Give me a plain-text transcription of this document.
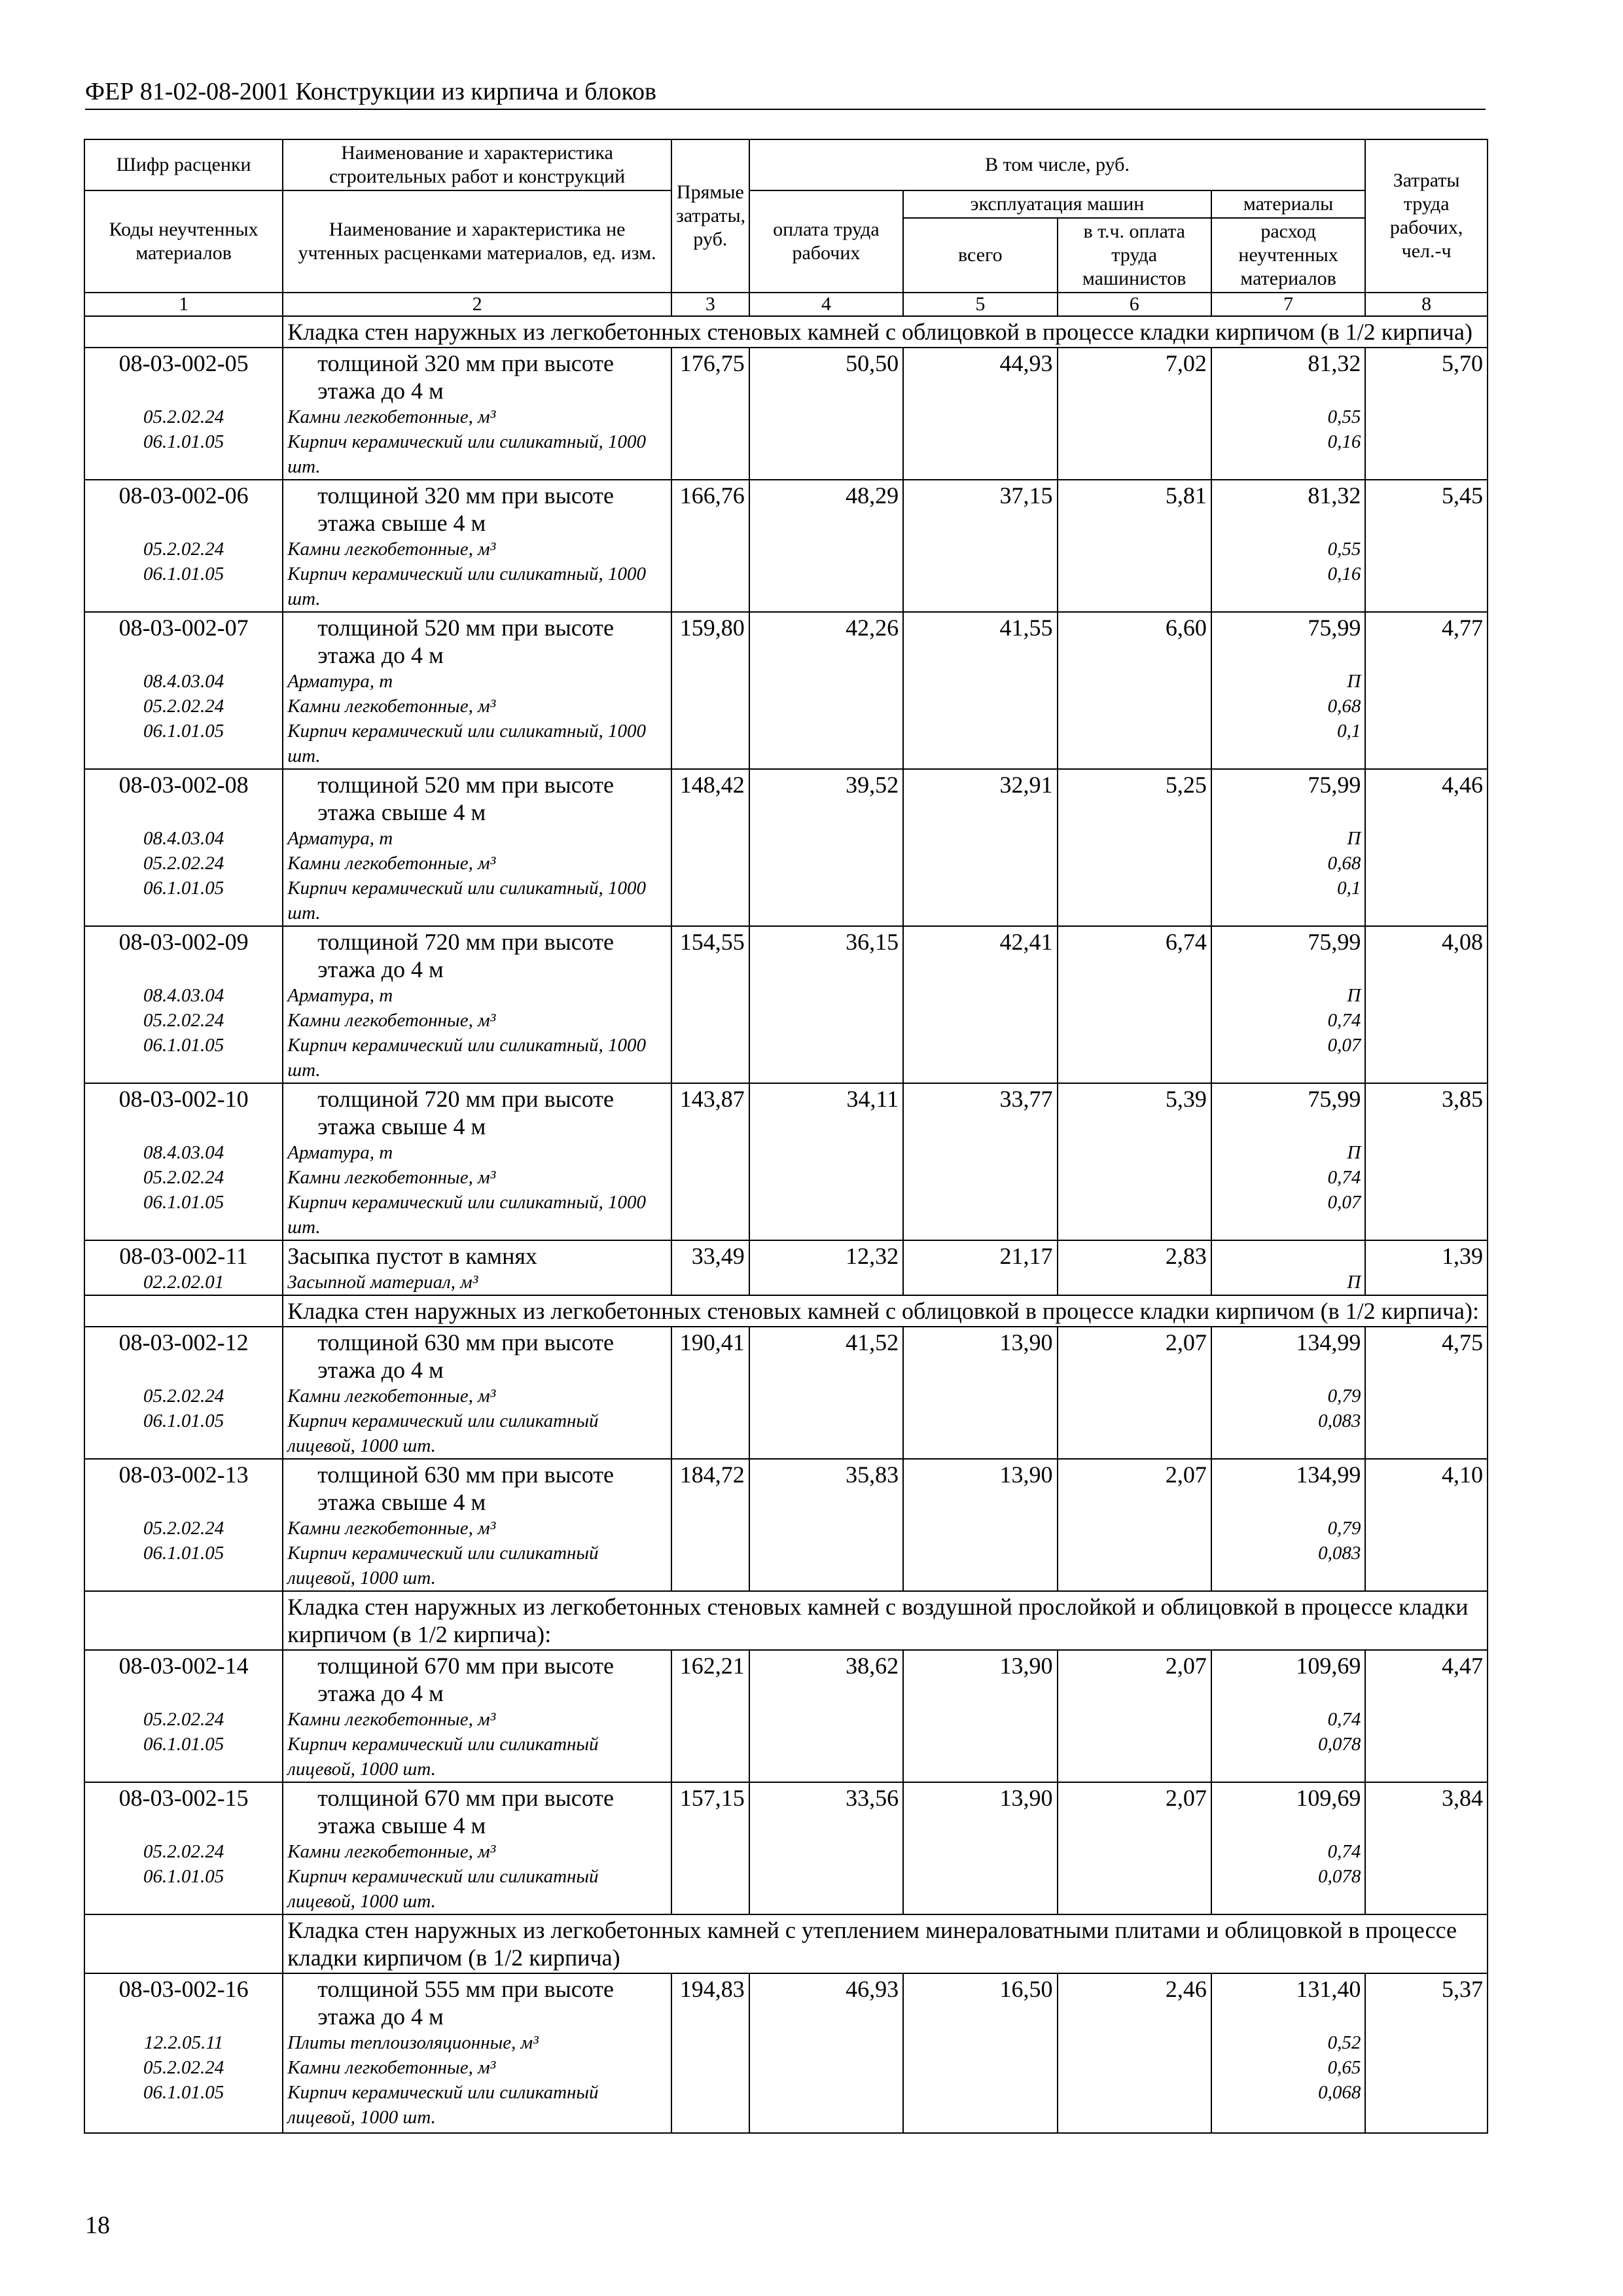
ФЕР 81-02-08-2001 Конструкции из кирпича и блоков
Шифр расценки	Наименование и характеристика строительных работ и конструкций	Прямые затраты, руб.	В том числе, руб.				Затраты труда рабочих, чел.-ч

Коды неучтенных материалов	Наименование и характеристика не учтенных расценками материалов, ед. изм.		оплата труда рабочих	эксплуатация машин		материалы	
				всего	в т.ч. оплата труда машинистов	расход неучтенных материалов	
1	2	3	4	5	6	7	8
	Кладка стен наружных из легкобетонных стеновых камней с облицовкой в процессе кладки кирпичом (в 1/2 кирпича)						
08-03-002-05	толщиной 320 мм при высоте этажа до 4 м	176,75	50,50	44,93	7,02	81,32	5,70
05.2.02.24	Камни легкобетонные, м³					0,55	
06.1.01.05	Кирпич керамический или силикатный, 1000 шт.					0,16	
08-03-002-06	толщиной 320 мм при высоте этажа свыше 4 м	166,76	48,29	37,15	5,81	81,32	5,45
05.2.02.24	Камни легкобетонные, м³					0,55	
06.1.01.05	Кирпич керамический или силикатный, 1000 шт.					0,16	
08-03-002-07	толщиной 520 мм при высоте этажа до 4 м	159,80	42,26	41,55	6,60	75,99	4,77
08.4.03.04	Арматура, т					П	
05.2.02.24	Камни легкобетонные, м³					0,68	
06.1.01.05	Кирпич керамический или силикатный, 1000 шт.					0,1	
08-03-002-08	толщиной 520 мм при высоте этажа свыше 4 м	148,42	39,52	32,91	5,25	75,99	4,46
08.4.03.04	Арматура, т					П	
05.2.02.24	Камни легкобетонные, м³					0,68	
06.1.01.05	Кирпич керамический или силикатный, 1000 шт.					0,1	
08-03-002-09	толщиной 720 мм при высоте этажа до 4 м	154,55	36,15	42,41	6,74	75,99	4,08
08.4.03.04	Арматура, т					П	
05.2.02.24	Камни легкобетонные, м³					0,74	
06.1.01.05	Кирпич керамический или силикатный, 1000 шт.					0,07	
08-03-002-10	толщиной 720 мм при высоте этажа свыше 4 м	143,87	34,11	33,77	5,39	75,99	3,85
08.4.03.04	Арматура, т					П	
05.2.02.24	Камни легкобетонные, м³					0,74	
06.1.01.05	Кирпич керамический или силикатный, 1000 шт.					0,07	
08-03-002-11	Засыпка пустот в камнях	33,49	12,32	21,17	2,83		1,39
02.2.02.01	Засыпной материал, м³					П	
	Кладка стен наружных из легкобетонных стеновых камней с облицовкой в процессе кладки кирпичом (в 1/2 кирпича):						
08-03-002-12	толщиной 630 мм при высоте этажа до 4 м	190,41	41,52	13,90	2,07	134,99	4,75
05.2.02.24	Камни легкобетонные, м³					0,79	
06.1.01.05	Кирпич керамический или силикатный лицевой, 1000 шт.					0,083	
08-03-002-13	толщиной 630 мм при высоте этажа свыше 4 м	184,72	35,83	13,90	2,07	134,99	4,10
05.2.02.24	Камни легкобетонные, м³					0,79	
06.1.01.05	Кирпич керамический или силикатный лицевой, 1000 шт.					0,083	
	Кладка стен наружных из легкобетонных стеновых камней с воздушной прослойкой и облицовкой в процессе кладки кирпичом (в 1/2 кирпича):						
08-03-002-14	толщиной 670 мм при высоте этажа до 4 м	162,21	38,62	13,90	2,07	109,69	4,47
05.2.02.24	Камни легкобетонные, м³					0,74	
06.1.01.05	Кирпич керамический или силикатный лицевой, 1000 шт.					0,078	
08-03-002-15	толщиной 670 мм при высоте этажа свыше 4 м	157,15	33,56	13,90	2,07	109,69	3,84
05.2.02.24	Камни легкобетонные, м³					0,74	
06.1.01.05	Кирпич керамический или силикатный лицевой, 1000 шт.					0,078	
	Кладка стен наружных из легкобетонных камней с утеплением минераловатными плитами и облицовкой в процессе кладки кирпичом (в 1/2 кирпича)						
08-03-002-16	толщиной 555 мм при высоте этажа до 4 м	194,83	46,93	16,50	2,46	131,40	5,37
12.2.05.11	Плиты теплоизоляционные, м³					0,52	
05.2.02.24	Камни легкобетонные, м³					0,65	
06.1.01.05	Кирпич керамический или силикатный лицевой, 1000 шт.					0,068	
18
